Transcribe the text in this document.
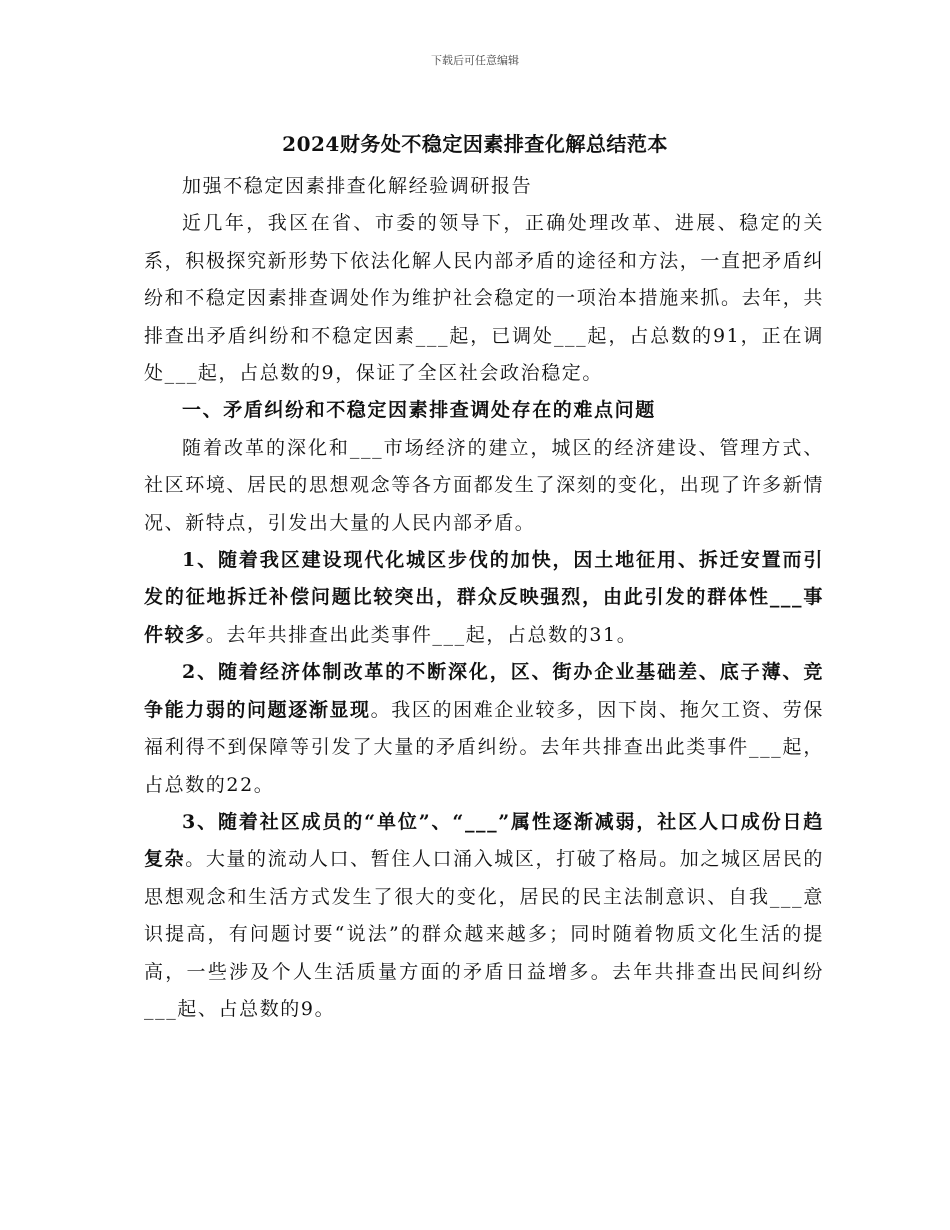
下载后可任意编辑
2024财务处不稳定因素排查化解总结范本

加强不稳定因素排查化解经验调研报告

近几年，我区在省、市委的领导下，正确处理改革、进展、稳定的关系，积极探究新形势下依法化解人民内部矛盾的途径和方法，一直把矛盾纠纷和不稳定因素排查调处作为维护社会稳定的一项治本措施来抓。去年，共排查出矛盾纠纷和不稳定因素___起，已调处___起，占总数的91，正在调处___起，占总数的9，保证了全区社会政治稳定。

一、矛盾纠纷和不稳定因素排查调处存在的难点问题

随着改革的深化和___市场经济的建立，城区的经济建设、管理方式、社区环境、居民的思想观念等各方面都发生了深刻的变化，出现了许多新情况、新特点，引发出大量的人民内部矛盾。

1、随着我区建设现代化城区步伐的加快，因土地征用、拆迁安置而引发的征地拆迁补偿问题比较突出，群众反映强烈，由此引发的群体性___事件较多。去年共排查出此类事件___起，占总数的31。

2、随着经济体制改革的不断深化，区、街办企业基础差、底子薄、竞争能力弱的问题逐渐显现。我区的困难企业较多，因下岗、拖欠工资、劳保福利得不到保障等引发了大量的矛盾纠纷。去年共排查出此类事件___起，占总数的22。

3、随着社区成员的“单位”、“___”属性逐渐减弱，社区人口成份日趋复杂。大量的流动人口、暂住人口涌入城区，打破了格局。加之城区居民的思想观念和生活方式发生了很大的变化，居民的民主法制意识、自我___意识提高，有问题讨要“说法”的群众越来越多；同时随着物质文化生活的提高，一些涉及个人生活质量方面的矛盾日益增多。去年共排查出民间纠纷___起、占总数的9。
